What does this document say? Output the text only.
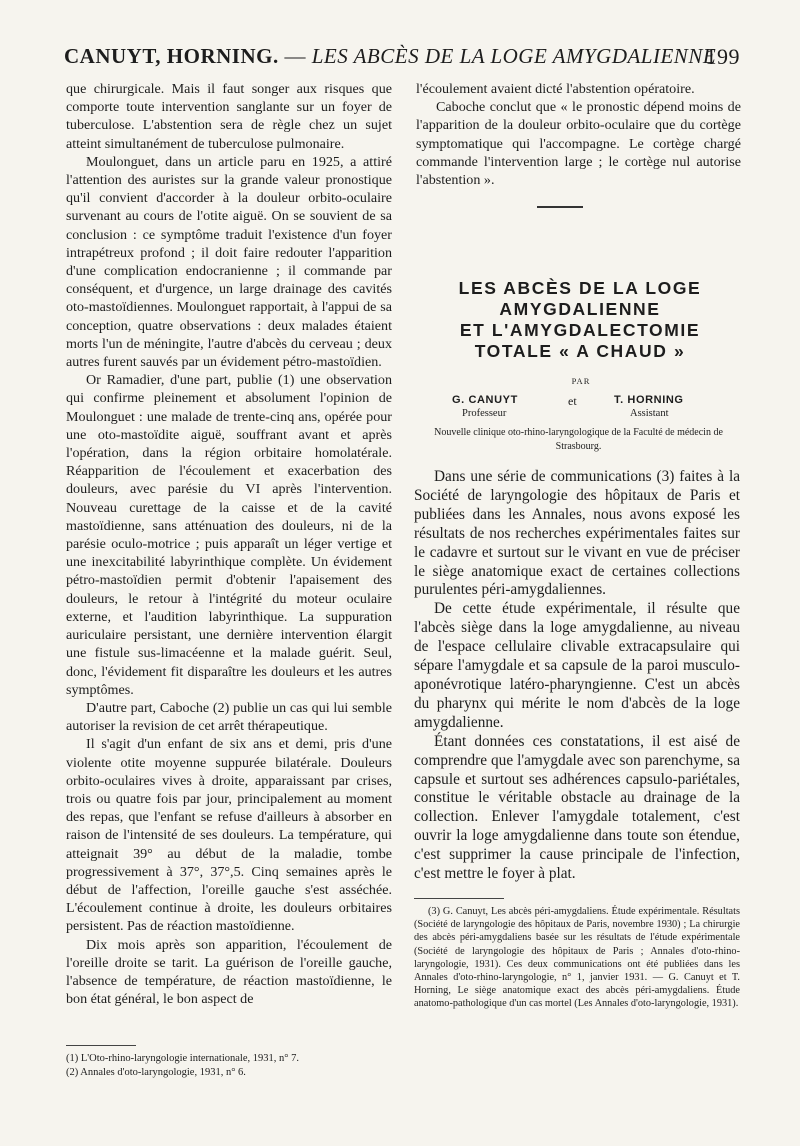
CANUYT, HORNING. — LES ABCÈS DE LA LOGE AMYGDALIENNE
199

que chirurgicale. Mais il faut songer aux risques que comporte toute intervention sanglante sur un foyer de tuberculose. L'abstention sera de règle chez un sujet atteint simultanément de tuberculose pulmonaire.

Moulonguet, dans un article paru en 1925, a attiré l'attention des auristes sur la grande valeur pronostique qu'il convient d'accorder à la douleur orbito-oculaire survenant au cours de l'otite aiguë. On se souvient de sa conclusion : ce symptôme traduit l'existence d'un foyer intrapétreux profond ; il doit faire redouter l'apparition d'une complication endocranienne ; il commande par conséquent, et d'urgence, un large drainage des cavités oto-mastoïdiennes. Moulonguet rapportait, à l'appui de sa conception, quatre observations : deux malades étaient morts l'un de méningite, l'autre d'abcès du cerveau ; deux autres furent sauvés par un évidement pétro-mastoïdien.

Or Ramadier, d'une part, publie (1) une observation qui confirme pleinement et absolument l'opinion de Moulonguet : une malade de trente-cinq ans, opérée pour une oto-mastoïdite aiguë, souffrant avant et après l'opération, dans la région orbitaire homolatérale. Réapparition de l'écoulement et exacerbation des douleurs, avec parésie du VI après l'intervention. Nouveau curettage de la caisse et de la cavité mastoïdienne, sans atténuation des douleurs, ni de la parésie oculo-motrice ; puis apparaît un léger vertige et une inexcitabilité labyrinthique complète. Un évidement pétro-mastoïdien permit d'obtenir l'apaisement des douleurs, le retour à l'intégrité du moteur oculaire externe, et l'audition labyrinthique. La suppuration auriculaire persistant, une dernière intervention élargit une fistule sus-limacéenne et la malade guérit. Seul, donc, l'évidement fit disparaître les douleurs et les autres symptômes.

D'autre part, Caboche (2) publie un cas qui lui semble autoriser la revision de cet arrêt thérapeutique.

Il s'agit d'un enfant de six ans et demi, pris d'une violente otite moyenne suppurée bilatérale. Douleurs orbito-oculaires vives à droite, apparaissant par crises, trois ou quatre fois par jour, principalement au moment des repas, que l'enfant se refuse d'ailleurs à absorber en raison de l'intensité de ses douleurs. La température, qui atteignait 39° au début de la maladie, tombe progressivement à 37°, 37°,5. Cinq semaines après le début de l'affection, l'oreille gauche s'est asséchée. L'écoulement continue à droite, les douleurs orbitaires persistent. Pas de réaction mastoïdienne.

Dix mois après son apparition, l'écoulement de l'oreille droite se tarit. La guérison de l'oreille gauche, l'absence de température, de réaction mastoïdienne, le bon état général, le bon aspect de

(1) L'Oto-rhino-laryngologie internationale, 1931, n° 7.
(2) Annales d'oto-laryngologie, 1931, n° 6.

l'écoulement avaient dicté l'abstention opératoire.

Caboche conclut que « le pronostic dépend moins de l'apparition de la douleur orbito-oculaire que du cortège symptomatique qui l'accompagne. Le cortège chargé commande l'intervention large ; le cortège nul autorise l'abstention ».

LES ABCÈS DE LA LOGE
AMYGDALIENNE
ET L'AMYGDALECTOMIE
TOTALE « A CHAUD »
PAR
G. CANUYT	et	T. HORNING
Professeur	Assistant
Nouvelle clinique oto-rhino-laryngologique de la Faculté de médecin de Strasbourg.

Dans une série de communications (3) faites à la Société de laryngologie des hôpitaux de Paris et publiées dans les Annales, nous avons exposé les résultats de nos recherches expérimentales faites sur le cadavre et surtout sur le vivant en vue de préciser le siège anatomique exact de certaines collections purulentes péri-amygdaliennes.

De cette étude expérimentale, il résulte que l'abcès siège dans la loge amygdalienne, au niveau de l'espace cellulaire clivable extracapsulaire qui sépare l'amygdale et sa capsule de la paroi musculo-aponévrotique latéro-pharyngienne. C'est un abcès du pharynx qui mérite le nom d'abcès de la loge amygdalienne.

Étant données ces constatations, il est aisé de comprendre que l'amygdale avec son parenchyme, sa capsule et surtout ses adhérences capsulo-pariétales, constitue le véritable obstacle au drainage de la collection. Enlever l'amygdale totalement, c'est ouvrir la loge amygdalienne dans toute son étendue, c'est supprimer la cause principale de l'infection, c'est mettre le foyer à plat.

(3) G. Canuyt, Les abcès péri-amygdaliens. Étude expérimentale. Résultats (Société de laryngologie des hôpitaux de Paris, novembre 1930) ; La chirurgie des abcès péri-amygdaliens basée sur les résultats de l'étude expérimentale (Société de laryngologie des hôpitaux de Paris ; Annales d'oto-rhino-laryngologie, 1931). Ces deux communications ont été publiées dans les Annales d'oto-rhino-laryngologie, n° 1, janvier 1931. — G. Canuyt et T. Horning, Le siège anatomique exact des abcès péri-amygdaliens. Étude anatomo-pathologique d'un cas mortel (Les Annales d'oto-laryngologie, 1931).
